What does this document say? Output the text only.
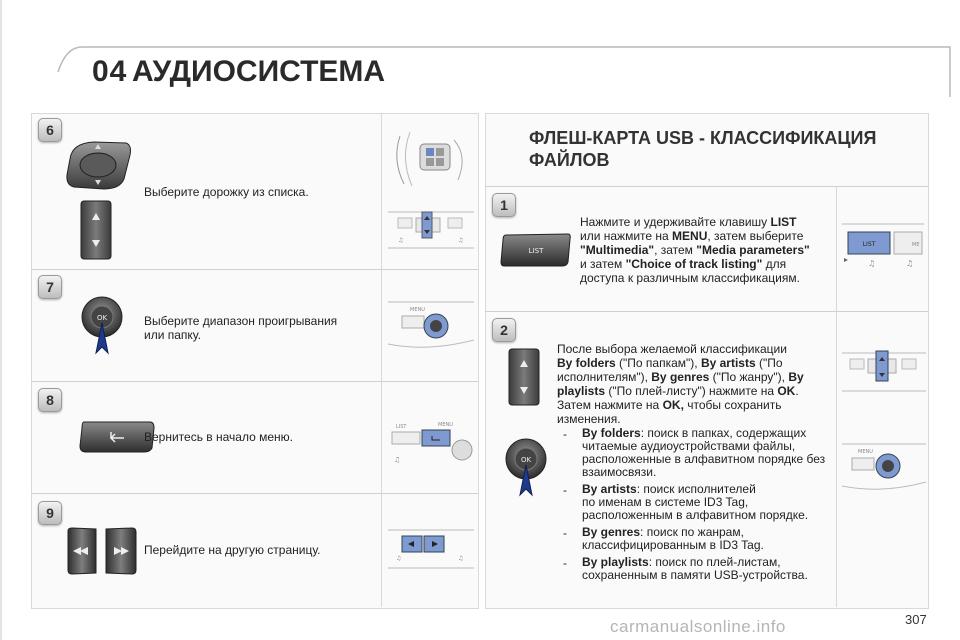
04 АУДИОСИСТЕМА
6
Выберите дорожку из списка.
♫	♫
7
OK	Выберите диапазон проигрывания
или папку.
MENU
8
Вернитесь в начало меню.
LIST	MENU
♫
9
Перейдите на другую страницу.
♫	♫
ФЛЕШ-КАРТА USB - КЛАССИФИКАЦИЯ
ФАЙЛОВ
1
LIST
Нажмите и удерживайте клавишу LIST
или нажмите на MENU, затем выберите
"Multimedia", затем "Media parameters"
и затем "Choice of track listing" для
доступа к различным классификациям.
LIST	ME
♫	♫
2
OK
После выбора желаемой классификации
By folders ("По папкам"), By artists ("По
исполнителям"), By genres ("По жанру"), By
playlists ("По плей-листу") нажмите на OK.
Затем нажмите на OK, чтобы сохранить
изменения.
- By folders: поиск в папках, содержащих
читаемые аудиоустройствами файлы,
расположенные в алфавитном порядке без
взаимосвязи.
- By artists: поиск исполнителей
по именам в системе ID3 Tag,
расположенным в алфавитном порядке.
- By genres: поиск по жанрам,
классифицированным в ID3 Tag.
- By playlists: поиск по плей-листам,
сохраненным в памяти USB-устройства.
MENU
carmanualsonline.info	307
